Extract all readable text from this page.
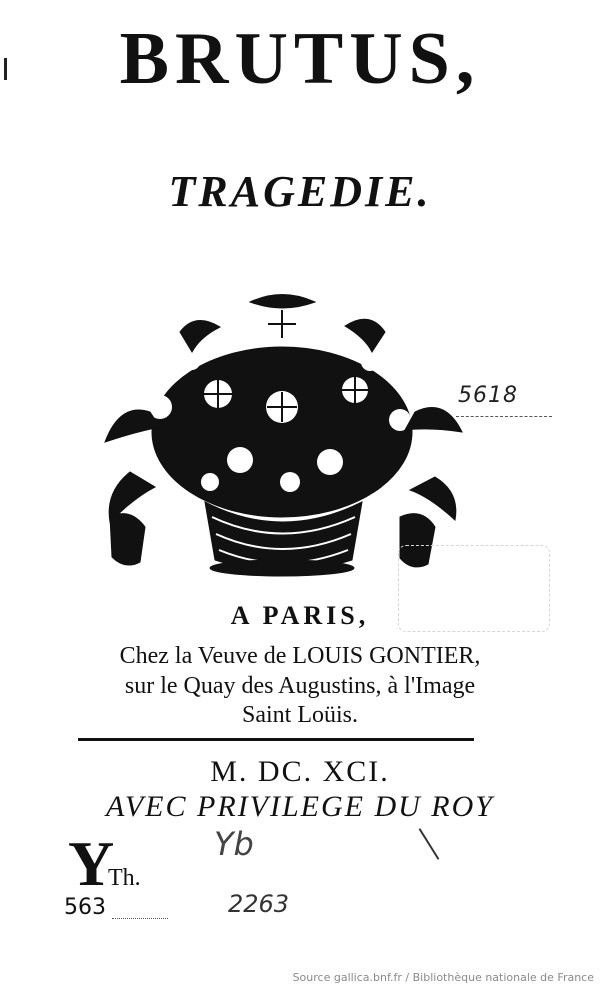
BRUTUS,
TRAGEDIE.
5618
A PARIS,
Chez la Veuve de LOUIS GONTIER,
sur le Quay des Augustins, à l'Image
Saint Loüis.
M. DC. XCI.
AVEC PRIVILEGE DU ROY
Y
Th.
563
Yb
2263
Source gallica.bnf.fr / Bibliothèque nationale de France
